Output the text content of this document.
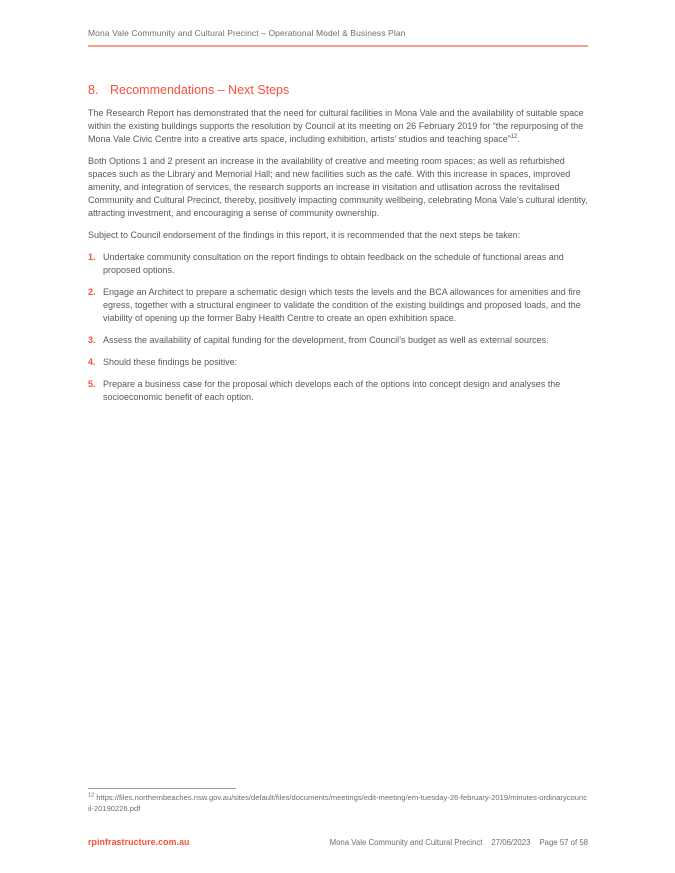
Mona Vale Community and Cultural Precinct – Operational Model & Business Plan
8. Recommendations – Next Steps

The Research Report has demonstrated that the need for cultural facilities in Mona Vale and the availability of suitable space within the existing buildings supports the resolution by Council at its meeting on 26 February 2019 for “the repurposing of the Mona Vale Civic Centre into a creative arts space, including exhibition, artists’ studios and teaching space”$^{12}$.

Both Options 1 and 2 present an increase in the availability of creative and meeting room spaces; as well as refurbished spaces such as the Library and Memorial Hall; and new facilities such as the café. With this increase in spaces, improved amenity, and integration of services, the research supports an increase in visitation and utlisation across the revitalised Community and Cultural Precinct, thereby, positively impacting community wellbeing, celebrating Mona Vale’s cultural identity, attracting investment, and encouraging a sense of community ownership.

Subject to Council endorsement of the findings in this report, it is recommended that the next steps be taken:

1. Undertake community consultation on the report findings to obtain feedback on the schedule of functional areas and proposed options.
2. Engage an Architect to prepare a schematic design which tests the levels and the BCA allowances for amenities and fire egress, together with a structural engineer to validate the condition of the existing buildings and proposed loads, and the viability of opening up the former Baby Health Centre to create an open exhibition space.
3. Assess the availability of capital funding for the development, from Council’s budget as well as external sources.
4. Should these findings be positive:
5. Prepare a business case for the proposal which develops each of the options into concept design and analyses the socioeconomic benefit of each option.
$^{12}$ https://files.northernbeaches.nsw.gov.au/sites/default/files/documents/meetings/edit-meeting/em-tuesday-26-february-2019/minutes-ordinarycouncil-20190226.pdf
rpinfrastructure.com.au	Mona Vale Community and Cultural Precinct 27/06/2023 Page 57 of 58
